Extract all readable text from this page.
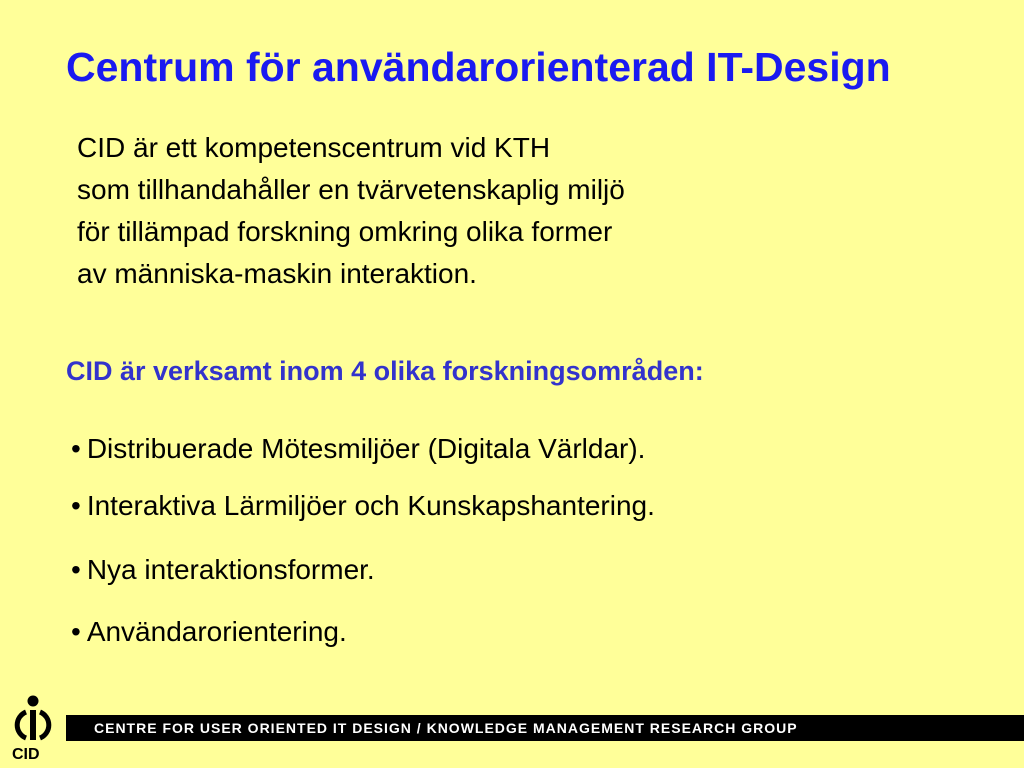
Centrum för användarorienterad IT-Design
CID är ett kompetenscentrum vid KTH
som tillhandahåller en tvärvetenskaplig miljö
för tillämpad forskning omkring olika former
av människa-maskin interaktion.
CID är verksamt inom 4 olika forskningsområden:
• Distribuerade Mötesmiljöer (Digitala Världar).
• Interaktiva Lärmiljöer och Kunskapshantering.
• Nya interaktionsformer.
• Användarorientering.
CID
CENTRE FOR USER ORIENTED IT DESIGN / KNOWLEDGE MANAGEMENT RESEARCH GROUP
